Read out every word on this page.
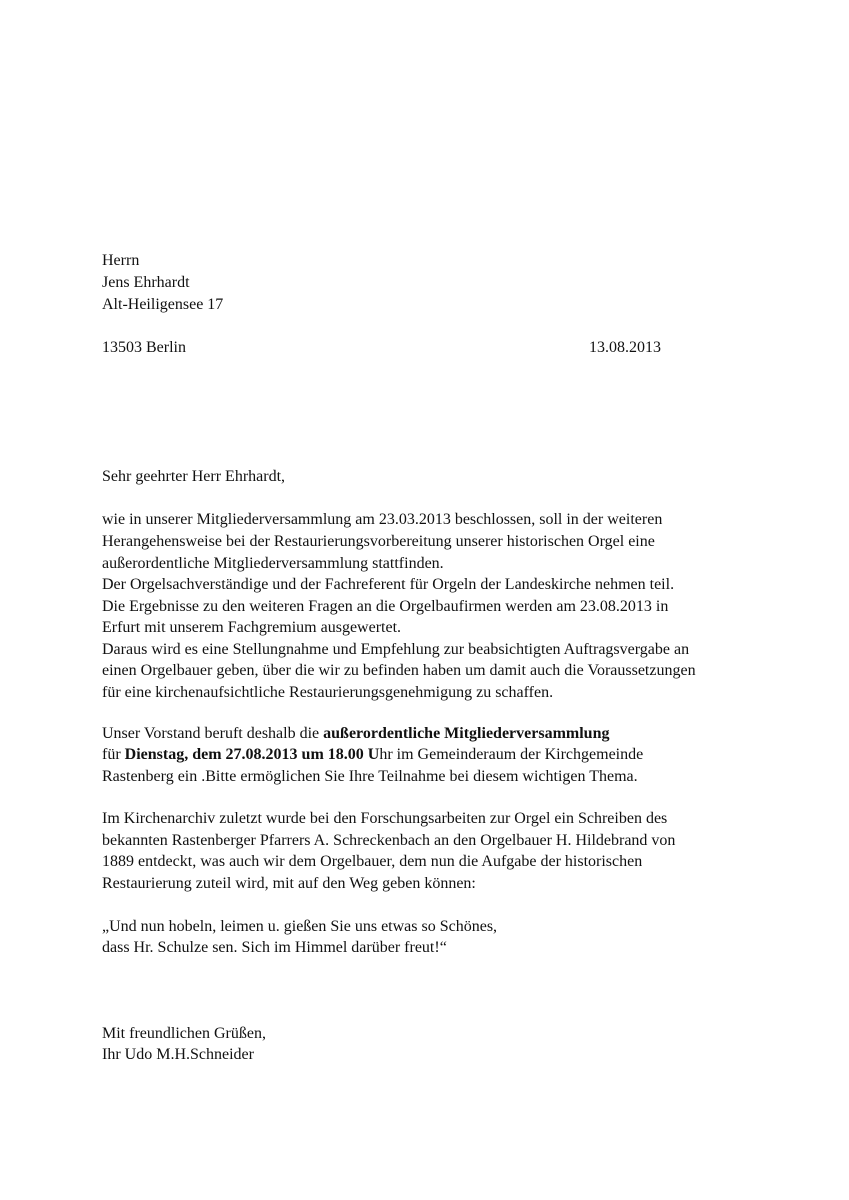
Herrn
Jens Ehrhardt
Alt-Heiligensee 17
13503 Berlin	13.08.2013
Sehr geehrter Herr Ehrhardt,
wie in unserer Mitgliederversammlung am 23.03.2013 beschlossen, soll in der weiteren
Herangehensweise bei der Restaurierungsvorbereitung unserer historischen Orgel eine
außerordentliche Mitgliederversammlung stattfinden.
Der Orgelsachverständige und der Fachreferent für Orgeln der Landeskirche nehmen teil.
Die Ergebnisse zu den weiteren Fragen an die Orgelbaufirmen werden am 23.08.2013 in
Erfurt mit unserem Fachgremium ausgewertet.
Daraus wird es eine Stellungnahme und Empfehlung zur beabsichtigten Auftragsvergabe an
einen Orgelbauer geben, über die wir zu befinden haben um damit auch die Voraussetzungen
für eine kirchenaufsichtliche Restaurierungsgenehmigung zu schaffen.
Unser Vorstand beruft deshalb die außerordentliche Mitgliederversammlung
für Dienstag, dem 27.08.2013 um 18.00 Uhr im Gemeinderaum der Kirchgemeinde
Rastenberg ein .Bitte ermöglichen Sie Ihre Teilnahme bei diesem wichtigen Thema.
Im Kirchenarchiv zuletzt wurde bei den Forschungsarbeiten zur Orgel ein Schreiben des
bekannten Rastenberger Pfarrers A. Schreckenbach an den Orgelbauer H. Hildebrand von
1889 entdeckt, was auch wir dem Orgelbauer, dem nun die Aufgabe der historischen
Restaurierung zuteil wird, mit auf den Weg geben können:
„Und nun hobeln, leimen u. gießen Sie uns etwas so Schönes,
dass Hr. Schulze sen. Sich im Himmel darüber freut!“
Mit freundlichen Grüßen,
Ihr Udo M.H.Schneider
